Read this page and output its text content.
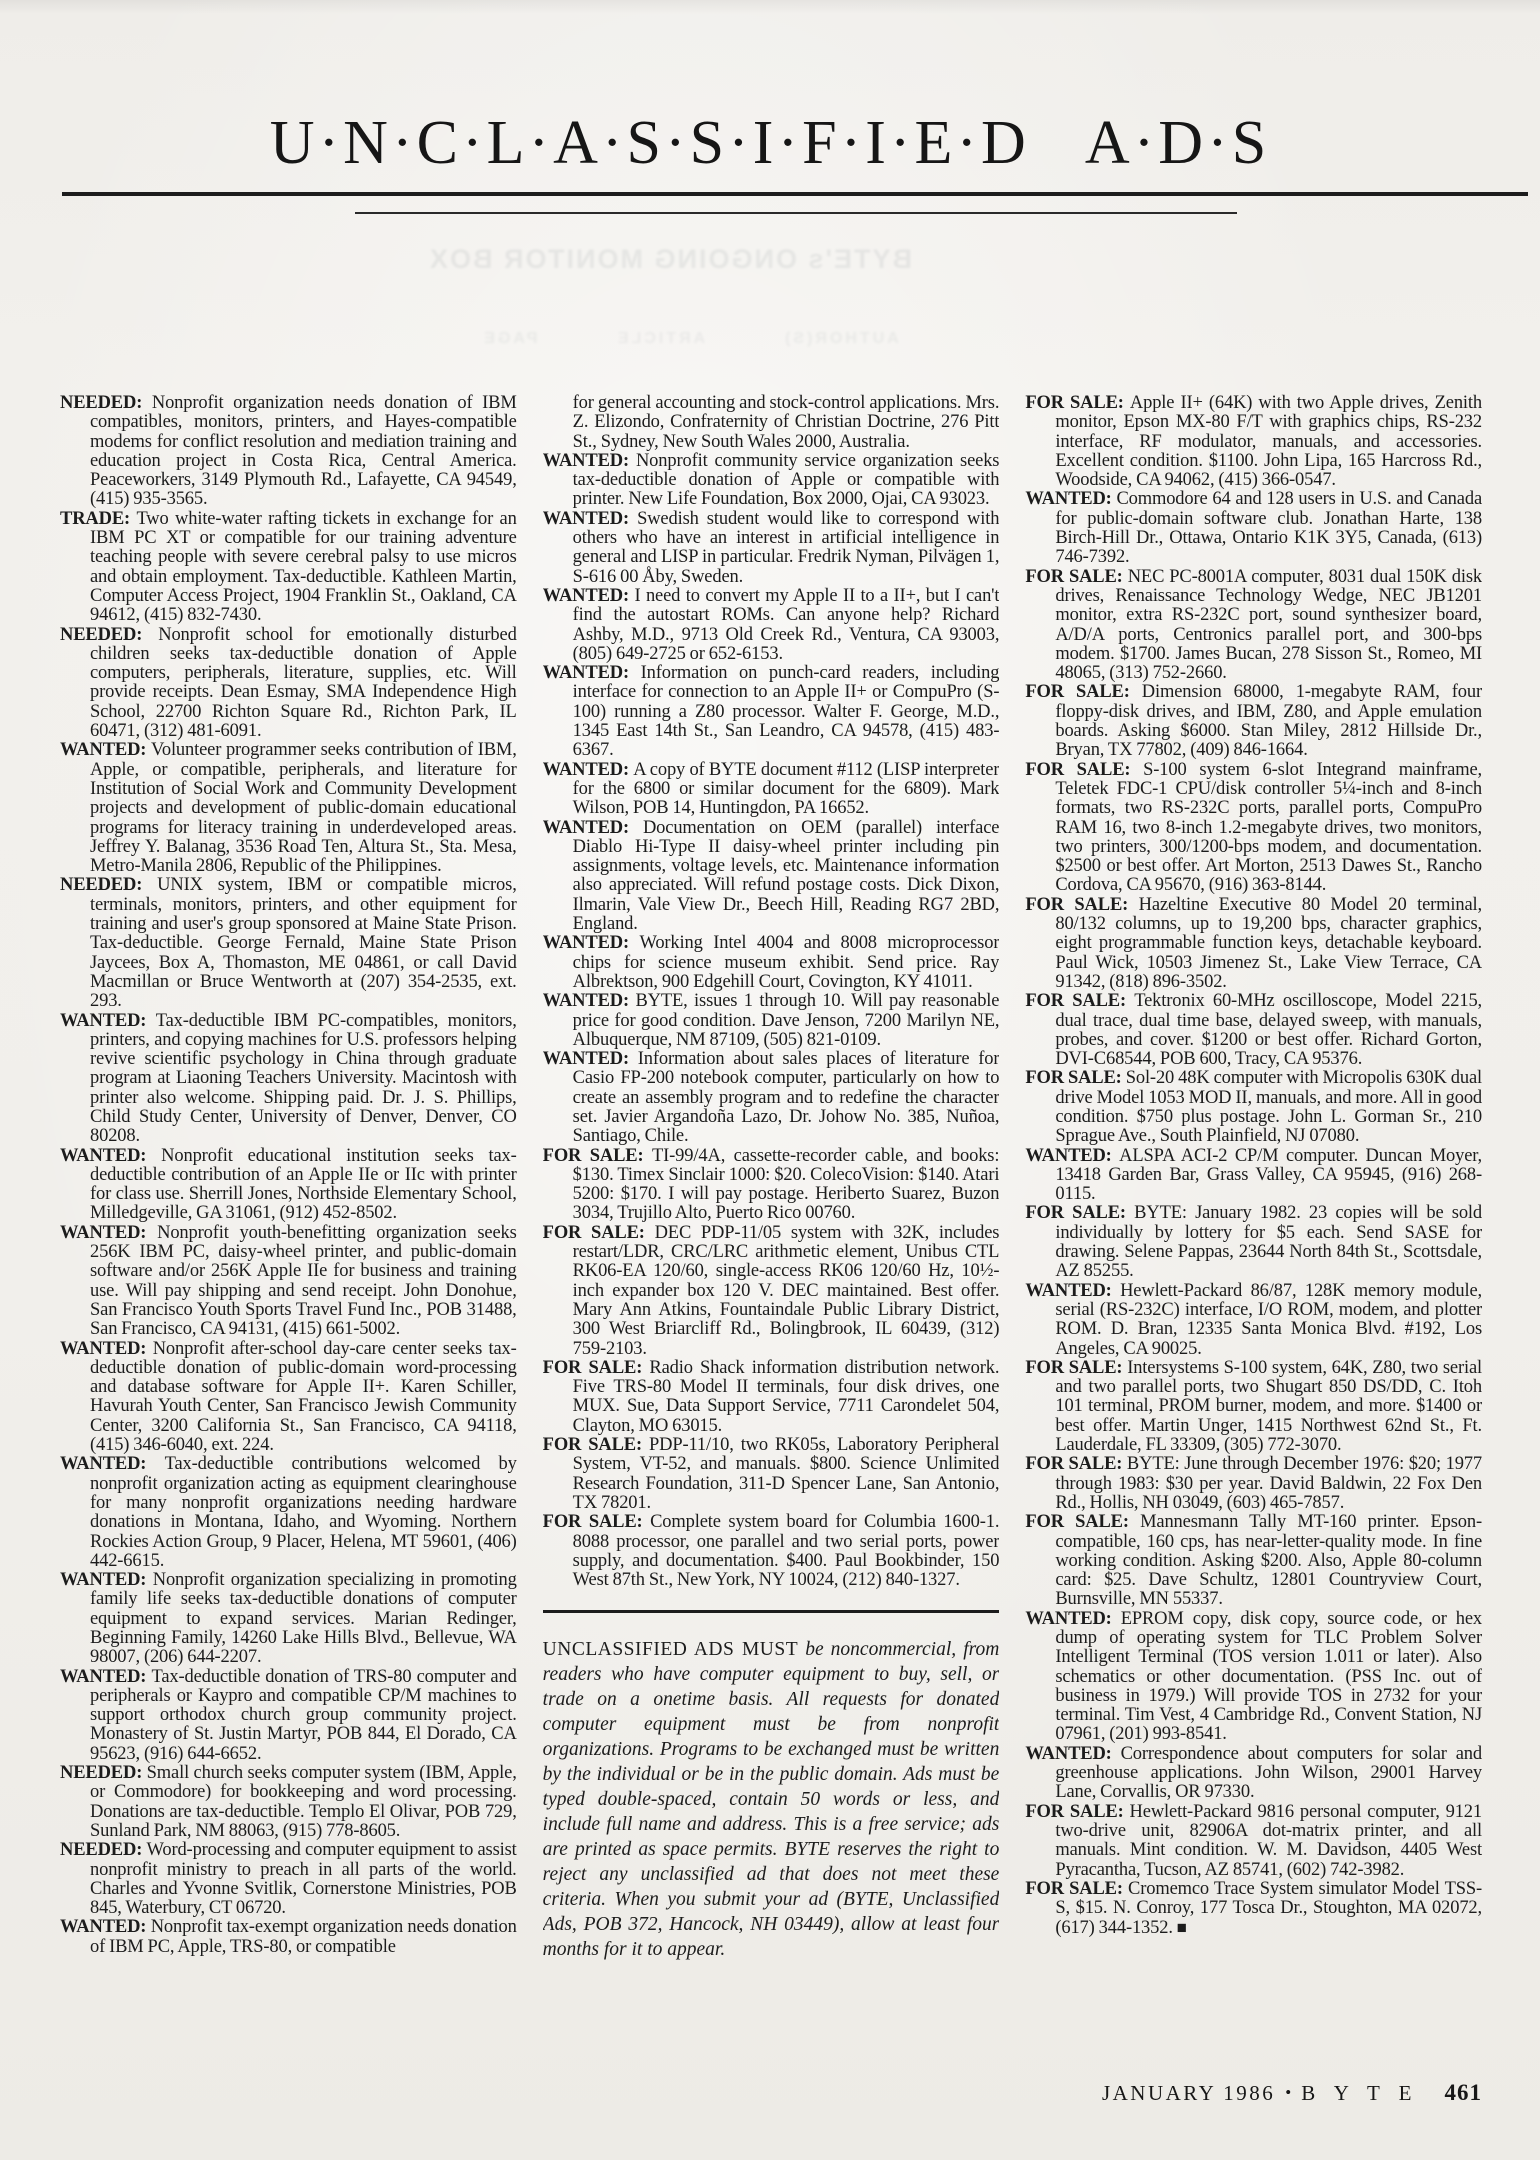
U·N·C·L·A·S·S·I·F·I·E·D   A·D·S
BYTE's ONGOING MONITOR BOX
AUTHOR(S) ARTICLE PAGE

NEEDED: Nonprofit organization needs donation of IBM compatibles, monitors, printers, and Hayes-compatible modems for conflict resolution and mediation training and education project in Costa Rica, Central America. Peaceworkers, 3149 Plymouth Rd., Lafayette, CA 94549, (415) 935-3565.

TRADE: Two white-water rafting tickets in exchange for an IBM PC XT or compatible for our training adventure teaching people with severe cerebral palsy to use micros and obtain employment. Tax-deductible. Kathleen Martin, Computer Access Project, 1904 Franklin St., Oakland, CA 94612, (415) 832-7430.

NEEDED: Nonprofit school for emotionally disturbed children seeks tax-deductible donation of Apple computers, peripherals, literature, supplies, etc. Will provide receipts. Dean Esmay, SMA Independence High School, 22700 Richton Square Rd., Richton Park, IL 60471, (312) 481-6091.

WANTED: Volunteer programmer seeks contribution of IBM, Apple, or compatible, peripherals, and literature for Institution of Social Work and Community Development projects and development of public-domain educational programs for literacy training in underdeveloped areas. Jeffrey Y. Balanag, 3536 Road Ten, Altura St., Sta. Mesa, Metro-Manila 2806, Republic of the Philippines.

NEEDED: UNIX system, IBM or compatible micros, terminals, monitors, printers, and other equipment for training and user's group sponsored at Maine State Prison. Tax-deductible. George Fernald, Maine State Prison Jaycees, Box A, Thomaston, ME 04861, or call David Macmillan or Bruce Wentworth at (207) 354-2535, ext. 293.

WANTED: Tax-deductible IBM PC-compatibles, monitors, printers, and copying machines for U.S. professors helping revive scientific psychology in China through graduate program at Liaoning Teachers University. Macintosh with printer also welcome. Shipping paid. Dr. J. S. Phillips, Child Study Center, University of Denver, Denver, CO 80208.

WANTED: Nonprofit educational institution seeks tax-deductible contribution of an Apple IIe or IIc with printer for class use. Sherrill Jones, Northside Elementary School, Milledgeville, GA 31061, (912) 452-8502.

WANTED: Nonprofit youth-benefitting organization seeks 256K IBM PC, daisy-wheel printer, and public-domain software and/or 256K Apple IIe for business and training use. Will pay shipping and send receipt. John Donohue, San Francisco Youth Sports Travel Fund Inc., POB 31488, San Francisco, CA 94131, (415) 661-5002.

WANTED: Nonprofit after-school day-care center seeks tax-deductible donation of public-domain word-processing and database software for Apple II+. Karen Schiller, Havurah Youth Center, San Francisco Jewish Community Center, 3200 California St., San Francisco, CA 94118, (415) 346-6040, ext. 224.

WANTED: Tax-deductible contributions welcomed by nonprofit organization acting as equipment clearinghouse for many nonprofit organizations needing hardware donations in Montana, Idaho, and Wyoming. Northern Rockies Action Group, 9 Placer, Helena, MT 59601, (406) 442-6615.

WANTED: Nonprofit organization specializing in promoting family life seeks tax-deductible donations of computer equipment to expand services. Marian Redinger, Beginning Family, 14260 Lake Hills Blvd., Bellevue, WA 98007, (206) 644-2207.

WANTED: Tax-deductible donation of TRS-80 computer and peripherals or Kaypro and compatible CP/M machines to support orthodox church group community project. Monastery of St. Justin Martyr, POB 844, El Dorado, CA 95623, (916) 644-6652.

NEEDED: Small church seeks computer system (IBM, Apple, or Commodore) for bookkeeping and word processing. Donations are tax-deductible. Templo El Olivar, POB 729, Sunland Park, NM 88063, (915) 778-8605.

NEEDED: Word-processing and computer equipment to assist nonprofit ministry to preach in all parts of the world. Charles and Yvonne Svitlik, Cornerstone Ministries, POB 845, Waterbury, CT 06720.

WANTED: Nonprofit tax-exempt organization needs donation of IBM PC, Apple, TRS-80, or compatible

for general accounting and stock-control applications. Mrs. Z. Elizondo, Confraternity of Christian Doctrine, 276 Pitt St., Sydney, New South Wales 2000, Australia.

WANTED: Nonprofit community service organization seeks tax-deductible donation of Apple or compatible with printer. New Life Foundation, Box 2000, Ojai, CA 93023.

WANTED: Swedish student would like to correspond with others who have an interest in artificial intelligence in general and LISP in particular. Fredrik Nyman, Pilvägen 1, S-616 00 Åby, Sweden.

WANTED: I need to convert my Apple II to a II+, but I can't find the autostart ROMs. Can anyone help? Richard Ashby, M.D., 9713 Old Creek Rd., Ventura, CA 93003, (805) 649-2725 or 652-6153.

WANTED: Information on punch-card readers, including interface for connection to an Apple II+ or CompuPro (S-100) running a Z80 processor. Walter F. George, M.D., 1345 East 14th St., San Leandro, CA 94578, (415) 483-6367.

WANTED: A copy of BYTE document #112 (LISP interpreter for the 6800 or similar document for the 6809). Mark Wilson, POB 14, Huntingdon, PA 16652.

WANTED: Documentation on OEM (parallel) interface Diablo Hi-Type II daisy-wheel printer including pin assignments, voltage levels, etc. Maintenance information also appreciated. Will refund postage costs. Dick Dixon, Ilmarin, Vale View Dr., Beech Hill, Reading RG7 2BD, England.

WANTED: Working Intel 4004 and 8008 microprocessor chips for science museum exhibit. Send price. Ray Albrektson, 900 Edgehill Court, Covington, KY 41011.

WANTED: BYTE, issues 1 through 10. Will pay reasonable price for good condition. Dave Jenson, 7200 Marilyn NE, Albuquerque, NM 87109, (505) 821-0109.

WANTED: Information about sales places of literature for Casio FP-200 notebook computer, particularly on how to create an assembly program and to redefine the character set. Javier Argandoña Lazo, Dr. Johow No. 385, Nuñoa, Santiago, Chile.

FOR SALE: TI-99/4A, cassette-recorder cable, and books: $130. Timex Sinclair 1000: $20. ColecoVision: $140. Atari 5200: $170. I will pay postage. Heriberto Suarez, Buzon 3034, Trujillo Alto, Puerto Rico 00760.

FOR SALE: DEC PDP-11/05 system with 32K, includes restart/LDR, CRC/LRC arithmetic element, Unibus CTL RK06-EA 120/60, single-access RK06 120/60 Hz, 10½-inch expander box 120 V. DEC maintained. Best offer. Mary Ann Atkins, Fountaindale Public Library District, 300 West Briarcliff Rd., Bolingbrook, IL 60439, (312) 759-2103.

FOR SALE: Radio Shack information distribution network. Five TRS-80 Model II terminals, four disk drives, one MUX. Sue, Data Support Service, 7711 Carondelet 504, Clayton, MO 63015.

FOR SALE: PDP-11/10, two RK05s, Laboratory Peripheral System, VT-52, and manuals. $800. Science Unlimited Research Foundation, 311-D Spencer Lane, San Antonio, TX 78201.

FOR SALE: Complete system board for Columbia 1600-1. 8088 processor, one parallel and two serial ports, power supply, and documentation. $400. Paul Bookbinder, 150 West 87th St., New York, NY 10024, (212) 840-1327.

UNCLASSIFIED ADS MUST be noncommercial, from readers who have computer equipment to buy, sell, or trade on a onetime basis. All requests for donated computer equipment must be from nonprofit organizations. Programs to be exchanged must be written by the individual or be in the public domain. Ads must be typed double-spaced, contain 50 words or less, and include full name and address. This is a free service; ads are printed as space permits. BYTE reserves the right to reject any unclassified ad that does not meet these criteria. When you submit your ad (BYTE, Unclassified Ads, POB 372, Hancock, NH 03449), allow at least four months for it to appear.

FOR SALE: Apple II+ (64K) with two Apple drives, Zenith monitor, Epson MX-80 F/T with graphics chips, RS-232 interface, RF modulator, manuals, and accessories. Excellent condition. $1100. John Lipa, 165 Harcross Rd., Woodside, CA 94062, (415) 366-0547.

WANTED: Commodore 64 and 128 users in U.S. and Canada for public-domain software club. Jonathan Harte, 138 Birch-Hill Dr., Ottawa, Ontario K1K 3Y5, Canada, (613) 746-7392.

FOR SALE: NEC PC-8001A computer, 8031 dual 150K disk drives, Renaissance Technology Wedge, NEC JB1201 monitor, extra RS-232C port, sound synthesizer board, A/D/A ports, Centronics parallel port, and 300-bps modem. $1700. James Bucan, 278 Sisson St., Romeo, MI 48065, (313) 752-2660.

FOR SALE: Dimension 68000, 1-megabyte RAM, four floppy-disk drives, and IBM, Z80, and Apple emulation boards. Asking $6000. Stan Miley, 2812 Hillside Dr., Bryan, TX 77802, (409) 846-1664.

FOR SALE: S-100 system 6-slot Integrand mainframe, Teletek FDC-1 CPU/disk controller 5¼-inch and 8-inch formats, two RS-232C ports, parallel ports, CompuPro RAM 16, two 8-inch 1.2-megabyte drives, two monitors, two printers, 300/1200-bps modem, and documentation. $2500 or best offer. Art Morton, 2513 Dawes St., Rancho Cordova, CA 95670, (916) 363-8144.

FOR SALE: Hazeltine Executive 80 Model 20 terminal, 80/132 columns, up to 19,200 bps, character graphics, eight programmable function keys, detachable keyboard. Paul Wick, 10503 Jimenez St., Lake View Terrace, CA 91342, (818) 896-3502.

FOR SALE: Tektronix 60-MHz oscilloscope, Model 2215, dual trace, dual time base, delayed sweep, with manuals, probes, and cover. $1200 or best offer. Richard Gorton, DVI-C68544, POB 600, Tracy, CA 95376.

FOR SALE: Sol-20 48K computer with Micropolis 630K dual drive Model 1053 MOD II, manuals, and more. All in good condition. $750 plus postage. John L. Gorman Sr., 210 Sprague Ave., South Plainfield, NJ 07080.

WANTED: ALSPA ACI-2 CP/M computer. Duncan Moyer, 13418 Garden Bar, Grass Valley, CA 95945, (916) 268-0115.

FOR SALE: BYTE: January 1982. 23 copies will be sold individually by lottery for $5 each. Send SASE for drawing. Selene Pappas, 23644 North 84th St., Scottsdale, AZ 85255.

WANTED: Hewlett-Packard 86/87, 128K memory module, serial (RS-232C) interface, I/O ROM, modem, and plotter ROM. D. Bran, 12335 Santa Monica Blvd. #192, Los Angeles, CA 90025.

FOR SALE: Intersystems S-100 system, 64K, Z80, two serial and two parallel ports, two Shugart 850 DS/DD, C. Itoh 101 terminal, PROM burner, modem, and more. $1400 or best offer. Martin Unger, 1415 Northwest 62nd St., Ft. Lauderdale, FL 33309, (305) 772-3070.

FOR SALE: BYTE: June through December 1976: $20; 1977 through 1983: $30 per year. David Baldwin, 22 Fox Den Rd., Hollis, NH 03049, (603) 465-7857.

FOR SALE: Mannesmann Tally MT-160 printer. Epson-compatible, 160 cps, has near-letter-quality mode. In fine working condition. Asking $200. Also, Apple 80-column card: $25. Dave Schultz, 12801 Countryview Court, Burnsville, MN 55337.

WANTED: EPROM copy, disk copy, source code, or hex dump of operating system for TLC Problem Solver Intelligent Terminal (TOS version 1.011 or later). Also schematics or other documentation. (PSS Inc. out of business in 1979.) Will provide TOS in 2732 for your terminal. Tim Vest, 4 Cambridge Rd., Convent Station, NJ 07961, (201) 993-8541.

WANTED: Correspondence about computers for solar and greenhouse applications. John Wilson, 29001 Harvey Lane, Corvallis, OR 97330.

FOR SALE: Hewlett-Packard 9816 personal computer, 9121 two-drive unit, 82906A dot-matrix printer, and all manuals. Mint condition. W. M. Davidson, 4405 West Pyracantha, Tucson, AZ 85741, (602) 742-3982.

FOR SALE: Cromemco Trace System simulator Model TSS-S, $15. N. Conroy, 177 Tosca Dr., Stoughton, MA 02072, (617) 344-1352. ■

JANUARY 1986 • B Y T E 461
